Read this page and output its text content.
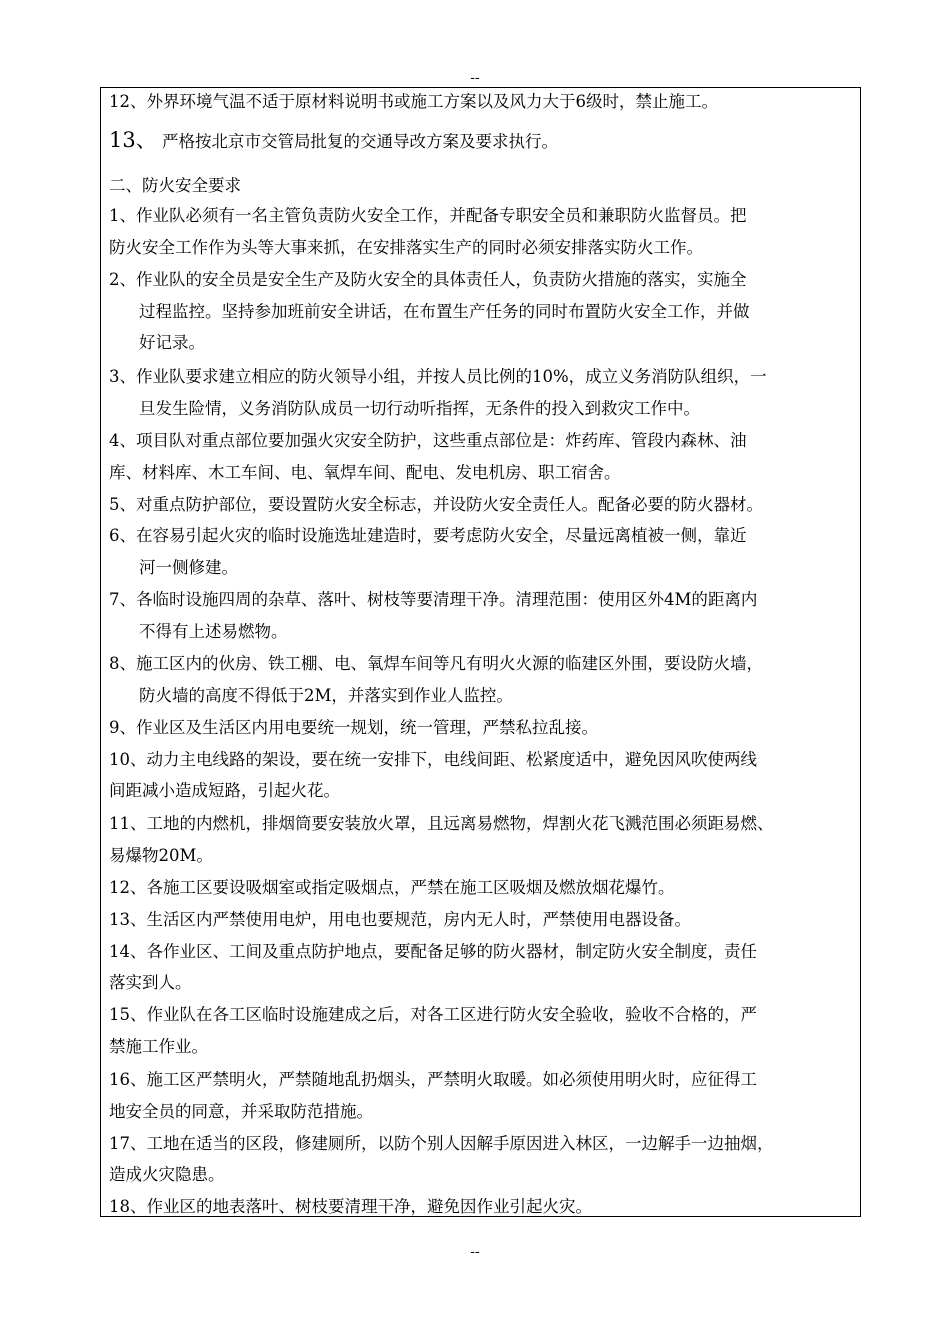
--
12、外界环境气温不适于原材料说明书或施工方案以及风力大于6级时，禁止施工。
13、 严格按北京市交管局批复的交通导改方案及要求执行。
二、防火安全要求
1、作业队必须有一名主管负责防火安全工作，并配备专职安全员和兼职防火监督员。把
防火安全工作作为头等大事来抓，在安排落实生产的同时必须安排落实防火工作。
2、作业队的安全员是安全生产及防火安全的具体责任人，负责防火措施的落实，实施全
过程监控。坚持参加班前安全讲话，在布置生产任务的同时布置防火安全工作，并做
好记录。
3、作业队要求建立相应的防火领导小组，并按人员比例的10%，成立义务消防队组织，一
旦发生险情，义务消防队成员一切行动听指挥，无条件的投入到救灾工作中。
4、项目队对重点部位要加强火灾安全防护，这些重点部位是：炸药库、管段内森林、油
库、材料库、木工车间、电、氧焊车间、配电、发电机房、职工宿舍。
5、对重点防护部位，要设置防火安全标志，并设防火安全责任人。配备必要的防火器材。
6、在容易引起火灾的临时设施选址建造时，要考虑防火安全，尽量远离植被一侧，靠近
河一侧修建。
7、各临时设施四周的杂草、落叶、树枝等要清理干净。清理范围：使用区外4M的距离内
不得有上述易燃物。
8、施工区内的伙房、铁工棚、电、氧焊车间等凡有明火火源的临建区外围，要设防火墙，
防火墙的高度不得低于2M，并落实到作业人监控。
9、作业区及生活区内用电要统一规划，统一管理，严禁私拉乱接。
10、动力主电线路的架设，要在统一安排下，电线间距、松紧度适中，避免因风吹使两线
间距减小造成短路，引起火花。
11、工地的内燃机，排烟筒要安装放火罩，且远离易燃物，焊割火花飞溅范围必须距易燃、
易爆物20M。
12、各施工区要设吸烟室或指定吸烟点，严禁在施工区吸烟及燃放烟花爆竹。
13、生活区内严禁使用电炉，用电也要规范，房内无人时，严禁使用电器设备。
14、各作业区、工间及重点防护地点，要配备足够的防火器材，制定防火安全制度，责任
落实到人。
15、作业队在各工区临时设施建成之后，对各工区进行防火安全验收，验收不合格的，严
禁施工作业。
16、施工区严禁明火，严禁随地乱扔烟头，严禁明火取暖。如必须使用明火时，应征得工
地安全员的同意，并采取防范措施。
17、工地在适当的区段，修建厕所，以防个别人因解手原因进入林区，一边解手一边抽烟，
造成火灾隐患。
18、作业区的地表落叶、树枝要清理干净，避免因作业引起火灾。
--
